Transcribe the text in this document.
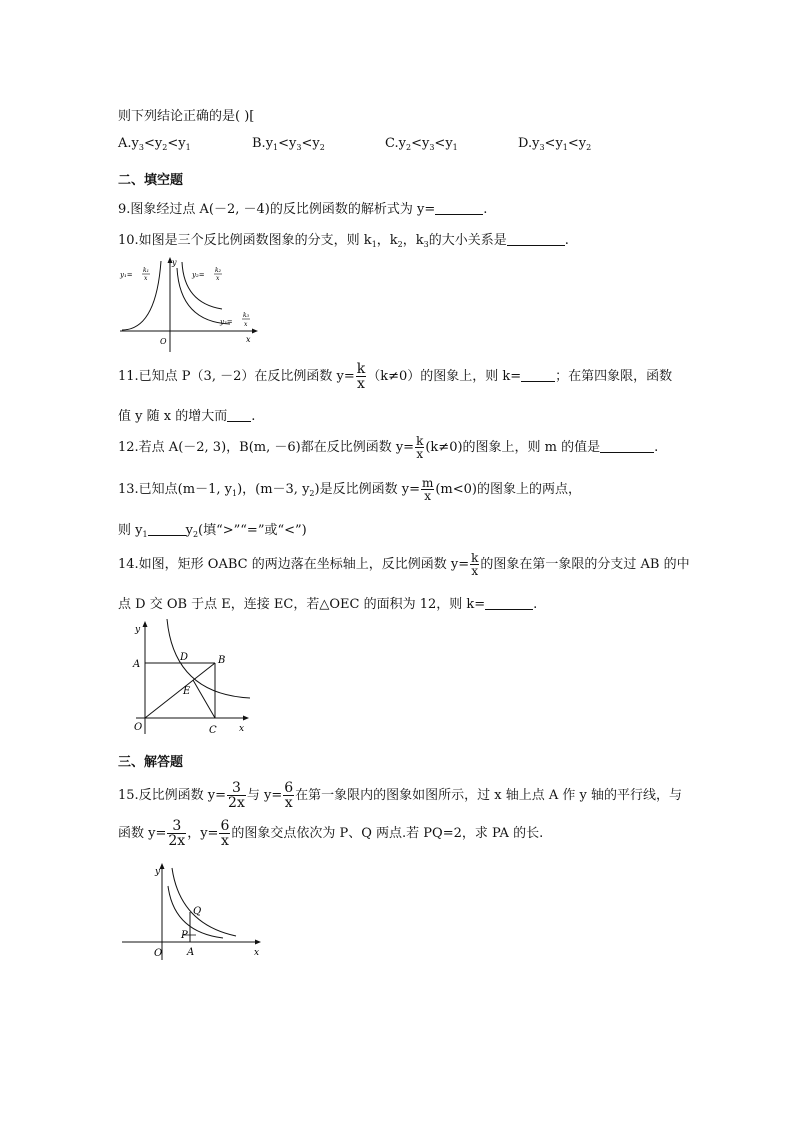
则下列结论正确的是( )[
$A.y_3<y_2<y_1$	$B.y_1<y_3<y_2$	$C.y_2<y_3<y_1$	$D.y_3<y_1<y_2$
二、填空题
9.图象经过点 A(－2, －4)的反比例函数的解析式为 y=	.
10.如图是三个反比例函数图象的分支，则 $k_1$，$k_2$，$k_3$的大小关系是	.
y
x
O
y₁=
k₁
x	y₂=
k₂
x
y₃=
k₃
x
11.已知点 P（3, －2）在反比例函数 $y= \frac{k}{x} (k\ne 0)$的图象上，则 k=	；在第四象限，函数
值 y 随 x 的增大而 .
12.若点 A(－2, 3)，B(m, －6)都在反比例函数 $y= \frac{k}{x} (k\ne 0)$的图象上，则 m 的值是	.
13.已知点(m－1, $y_1$)，(m－3, $y_2$)是反比例函数 $y= \frac{m}{x} (m<0)$的图象上的两点，
则 $y_1$	$y_2$(填“>”“=”或“<”)
14.如图，矩形 OABC 的两边落在坐标轴上，反比例函数 $y= \frac{k}{x}$ 的图象在第一象限的分支过 AB 的中
点 D 交 OB 于点 E，连接 EC，若△OEC 的面积为 12，则 k=	.
y
x
O
A	B
C
D
E
三、解答题
15.反比例函数 $y= \frac{3}{2x}$ 与 $y= \frac{6}{x}$ 在第一象限内的图象如图所示，过 x 轴上点 A 作 y 轴的平行线，与
函数 $y= \frac{3}{2x}$ ，$y= \frac{6}{x}$ 的图象交点依次为 P、Q 两点.若 PQ=2，求 PA 的长.
y
x
O A
P
Q
